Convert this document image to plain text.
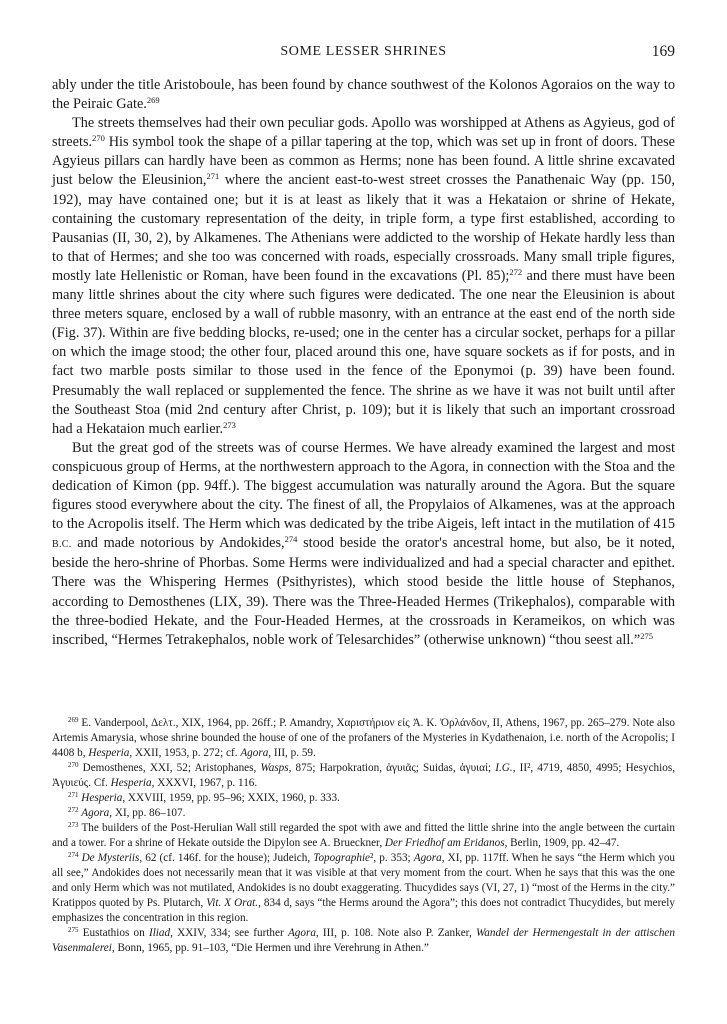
SOME LESSER SHRINES	169

ably under the title Aristoboule, has been found by chance southwest of the Kolonos Agoraios on the way to the Peiraic Gate.$^{269}$

The streets themselves had their own peculiar gods. Apollo was worshipped at Athens as Agyieus, god of streets.$^{270}$ His symbol took the shape of a pillar tapering at the top, which was set up in front of doors. These Agyieus pillars can hardly have been as common as Herms; none has been found. A little shrine excavated just below the Eleusinion,$^{271}$ where the ancient east-to-west street crosses the Panathenaic Way (pp. 150, 192), may have contained one; but it is at least as likely that it was a Hekataion or shrine of Hekate, containing the customary representation of the deity, in triple form, a type first established, according to Pausanias (II, 30, 2), by Alkamenes. The Athenians were addicted to the worship of Hekate hardly less than to that of Hermes; and she too was concerned with roads, especially crossroads. Many small triple figures, mostly late Hellenistic or Roman, have been found in the excavations (Pl. 85);$^{272}$ and there must have been many little shrines about the city where such figures were dedicated. The one near the Eleusinion is about three meters square, enclosed by a wall of rubble masonry, with an entrance at the east end of the north side (Fig. 37). Within are five bedding blocks, re-used; one in the center has a circular socket, perhaps for a pillar on which the image stood; the other four, placed around this one, have square sockets as if for posts, and in fact two marble posts similar to those used in the fence of the Eponymoi (p. 39) have been found. Presumably the wall replaced or supplemented the fence. The shrine as we have it was not built until after the Southeast Stoa (mid 2nd century after Christ, p. 109); but it is likely that such an important crossroad had a Hekataion much earlier.$^{273}$

But the great god of the streets was of course Hermes. We have already examined the largest and most conspicuous group of Herms, at the northwestern approach to the Agora, in connection with the Stoa and the dedication of Kimon (pp. 94ff.). The biggest accumulation was naturally around the Agora. But the square figures stood everywhere about the city. The finest of all, the Propylaios of Alkamenes, was at the approach to the Acropolis itself. The Herm which was dedicated by the tribe Aigeis, left intact in the mutilation of 415 B.C. and made notorious by Andokides,$^{274}$ stood beside the orator's ancestral home, but also, be it noted, beside the hero-shrine of Phorbas. Some Herms were individualized and had a special character and epithet. There was the Whispering Hermes (Psithyristes), which stood beside the little house of Stephanos, according to Demosthenes (LIX, 39). There was the Three-Headed Hermes (Trikephalos), comparable with the three-bodied Hekate, and the Four-Headed Hermes, at the crossroads in Kerameikos, on which was inscribed, “Hermes Tetrakephalos, noble work of Telesarchides” (otherwise unknown) “thou seest all.”$^{275}$

$^{269}$ E. Vanderpool, Δελτ., XIX, 1964, pp. 26ff.; P. Amandry, Χαριστήριον εἰς Ἀ. Κ. Ὀρλάνδον, II, Athens, 1967, pp. 265–279. Note also Artemis Amarysia, whose shrine bounded the house of one of the profaners of the Mysteries in Kydathenaion, i.e. north of the Acropolis; I 4408 b, Hesperia, XXII, 1953, p. 272; cf. Agora, III, p. 59.

$^{270}$ Demosthenes, XXI, 52; Aristophanes, Wasps, 875; Harpokration, ἀγυιᾶς; Suidas, ἀγυιαί; I.G., II², 4719, 4850, 4995; Hesychios, Ἀγυιεύς. Cf. Hesperia, XXXVI, 1967, p. 116.

$^{271}$ Hesperia, XXVIII, 1959, pp. 95–96; XXIX, 1960, p. 333.

$^{272}$ Agora, XI, pp. 86–107.

$^{273}$ The builders of the Post-Herulian Wall still regarded the spot with awe and fitted the little shrine into the angle between the curtain and a tower. For a shrine of Hekate outside the Dipylon see A. Brueckner, Der Friedhof am Eridanos, Berlin, 1909, pp. 42–47.

$^{274}$ De Mysteriis, 62 (cf. 146f. for the house); Judeich, Topographie², p. 353; Agora, XI, pp. 117ff. When he says “the Herm which you all see,” Andokides does not necessarily mean that it was visible at that very moment from the court. When he says that this was the one and only Herm which was not mutilated, Andokides is no doubt exaggerating. Thucydides says (VI, 27, 1) “most of the Herms in the city.” Kratippos quoted by Ps. Plutarch, Vit. X Orat., 834 d, says “the Herms around the Agora”; this does not contradict Thucydides, but merely emphasizes the concentration in this region.

$^{275}$ Eustathios on Iliad, XXIV, 334; see further Agora, III, p. 108. Note also P. Zanker, Wandel der Hermengestalt in der attischen Vasenmalerei, Bonn, 1965, pp. 91–103, “Die Hermen und ihre Verehrung in Athen.”
